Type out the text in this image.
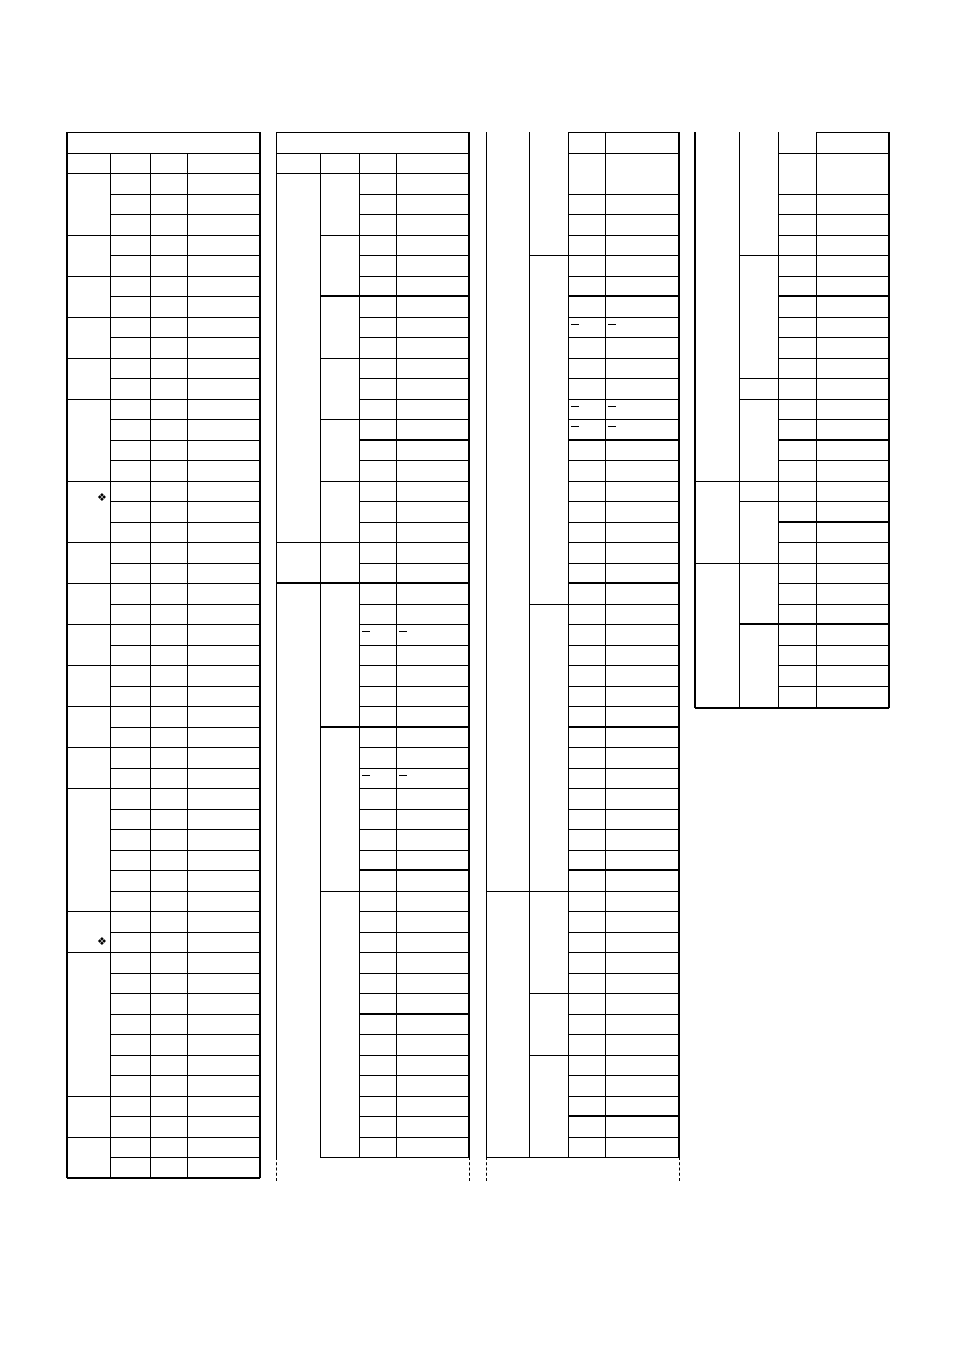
❖
❖
